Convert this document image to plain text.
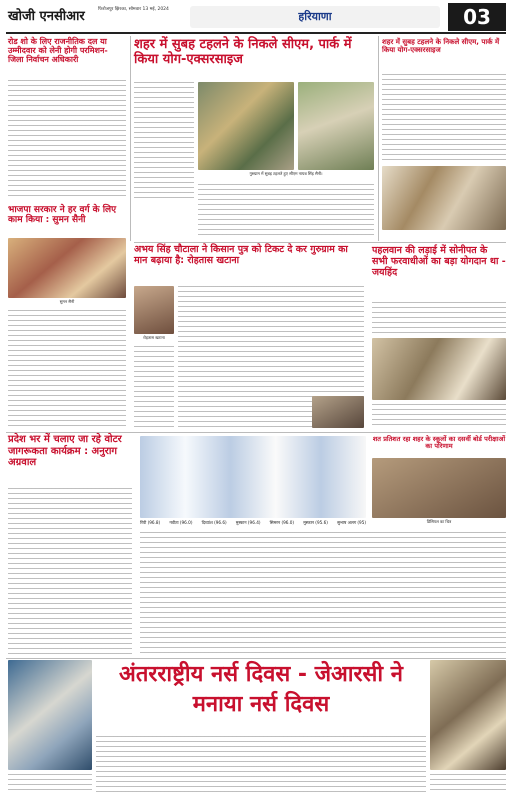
खोजी एनसीआर	फिरोजपुर झिरका, सोमवार 13 मई, 2024
हरियाणा	03
रोड शो के लिए राजनीतिक दल या उम्मीदवार को लेनी होगी परमिशन- जिला निर्वाचन अधिकारी
शहर में सुबह टहलने के निकले सीएम, पार्क में किया योग-एक्सरसाइज
गुरुग्राम में सुबह टहलते हुए सीएम नायब सिंह सैनी।
शहर में सुबह टहलने के निकले सीएम, पार्क में किया योग-एक्सरसाइज
भाजपा सरकार ने हर वर्ग के लिए काम किया : सुमन सैनी
सुमन सैनी
अभय सिंह चौटाला ने किसान पुत्र को टिकट दे कर गुरुग्राम का मान बढ़ाया है: रोहतास खटाना
रोहतास खटाना
पहलवान की लड़ाई में सोनीपत के सभी फरवाधीओं का बड़ा योगदान था - जयहिंद
प्रदेश भर में चलाए जा रहे वोटर जागरूकता कार्यक्रम : अनुराग अग्रवाल
शत प्रतिशत रहा शहर के स्कूलों का दसवीं बोर्ड परीक्षाओं का परिणाम
प्रिंसिपल का चित्र
रिंपी (96.8) नवीता (96.0) दिव्यांश (96.6) मुस्कान (96.4) सिमरन (96.0) मुस्कान (95.6) सुभाष अलग (95)
अंतरराष्ट्रीय नर्स दिवस - जेआरसी ने मनाया नर्स दिवस
